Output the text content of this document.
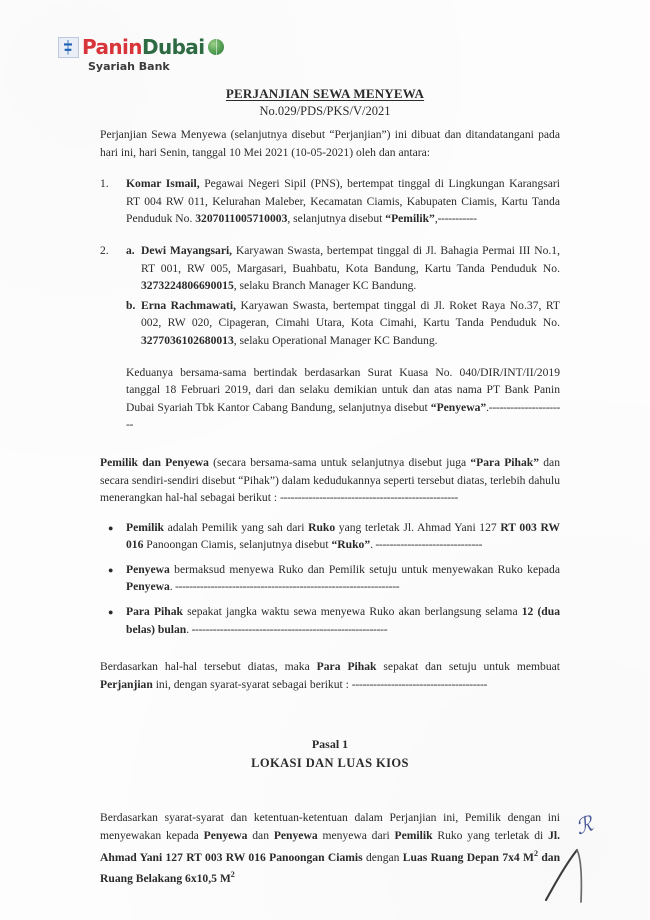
Panin Dubai
Syariah Bank
PERJANJIAN SEWA MENYEWA
No.029/PDS/PKS/V/2021

Perjanjian Sewa Menyewa (selanjutnya disebut “Perjanjian”) ini dibuat dan ditandatangani pada hari ini, hari Senin, tanggal 10 Mei 2021 (10-05-2021) oleh dan antara:

1.	Komar Ismail, Pegawai Negeri Sipil (PNS), bertempat tinggal di Lingkungan Karangsari RT 004 RW 011, Kelurahan Maleber, Kecamatan Ciamis, Kabupaten Ciamis, Kartu Tanda Penduduk No. 3207011005710003, selanjutnya disebut “Pemilik”,-----------

2.	a. Dewi Mayangsari, Karyawan Swasta, bertempat tinggal di Jl. Bahagia Permai III No.1, RT 001, RW 005, Margasari, Buahbatu, Kota Bandung, Kartu Tanda Penduduk No. 3273224806690015, selaku Branch Manager KC Bandung.

b. Erna Rachmawati, Karyawan Swasta, bertempat tinggal di Jl. Roket Raya No.37, RT 002, RW 020, Cipageran, Cimahi Utara, Kota Cimahi, Kartu Tanda Penduduk No. 3277036102680013, selaku Operational Manager KC Bandung.

Keduanya bersama-sama bertindak berdasarkan Surat Kuasa No. 040/DIR/INT/II/2019 tanggal 18 Februari 2019, dari dan selaku demikian untuk dan atas nama PT Bank Panin Dubai Syariah Tbk Kantor Cabang Bandung, selanjutnya disebut “Penyewa”.----------------------

Pemilik dan Penyewa (secara bersama-sama untuk selanjutnya disebut juga “Para Pihak” dan secara sendiri-sendiri disebut “Pihak”) dalam kedudukannya seperti tersebut diatas, terlebih dahulu menerangkan hal-hal sebagai berikut : --------------------------------------------------

●	Pemilik adalah Pemilik yang sah dari Ruko yang terletak Jl. Ahmad Yani 127 RT 003 RW 016 Panoongan Ciamis, selanjutnya disebut “Ruko”. ------------------------------

●	Penyewa bermaksud menyewa Ruko dan Pemilik setuju untuk menyewakan Ruko kepada Penyewa. ---------------------------------------------------------------

●	Para Pihak sepakat jangka waktu sewa menyewa Ruko akan berlangsung selama 12 (dua belas) bulan. -------------------------------------------------------

Berdasarkan hal-hal tersebut diatas, maka Para Pihak sepakat dan setuju untuk membuat Perjanjian ini, dengan syarat-syarat sebagai berikut : --------------------------------------

Pasal 1
LOKASI DAN LUAS KIOS

Berdasarkan syarat-syarat dan ketentuan-ketentuan dalam Perjanjian ini, Pemilik dengan ini menyewakan kepada Penyewa dan Penyewa menyewa dari Pemilik Ruko yang terletak di Jl. Ahmad Yani 127 RT 003 RW 016 Panoongan Ciamis dengan Luas Ruang Depan 7x4 $M^2$ dan Ruang Belakang 6x10,5 $M^2$

ℛ
